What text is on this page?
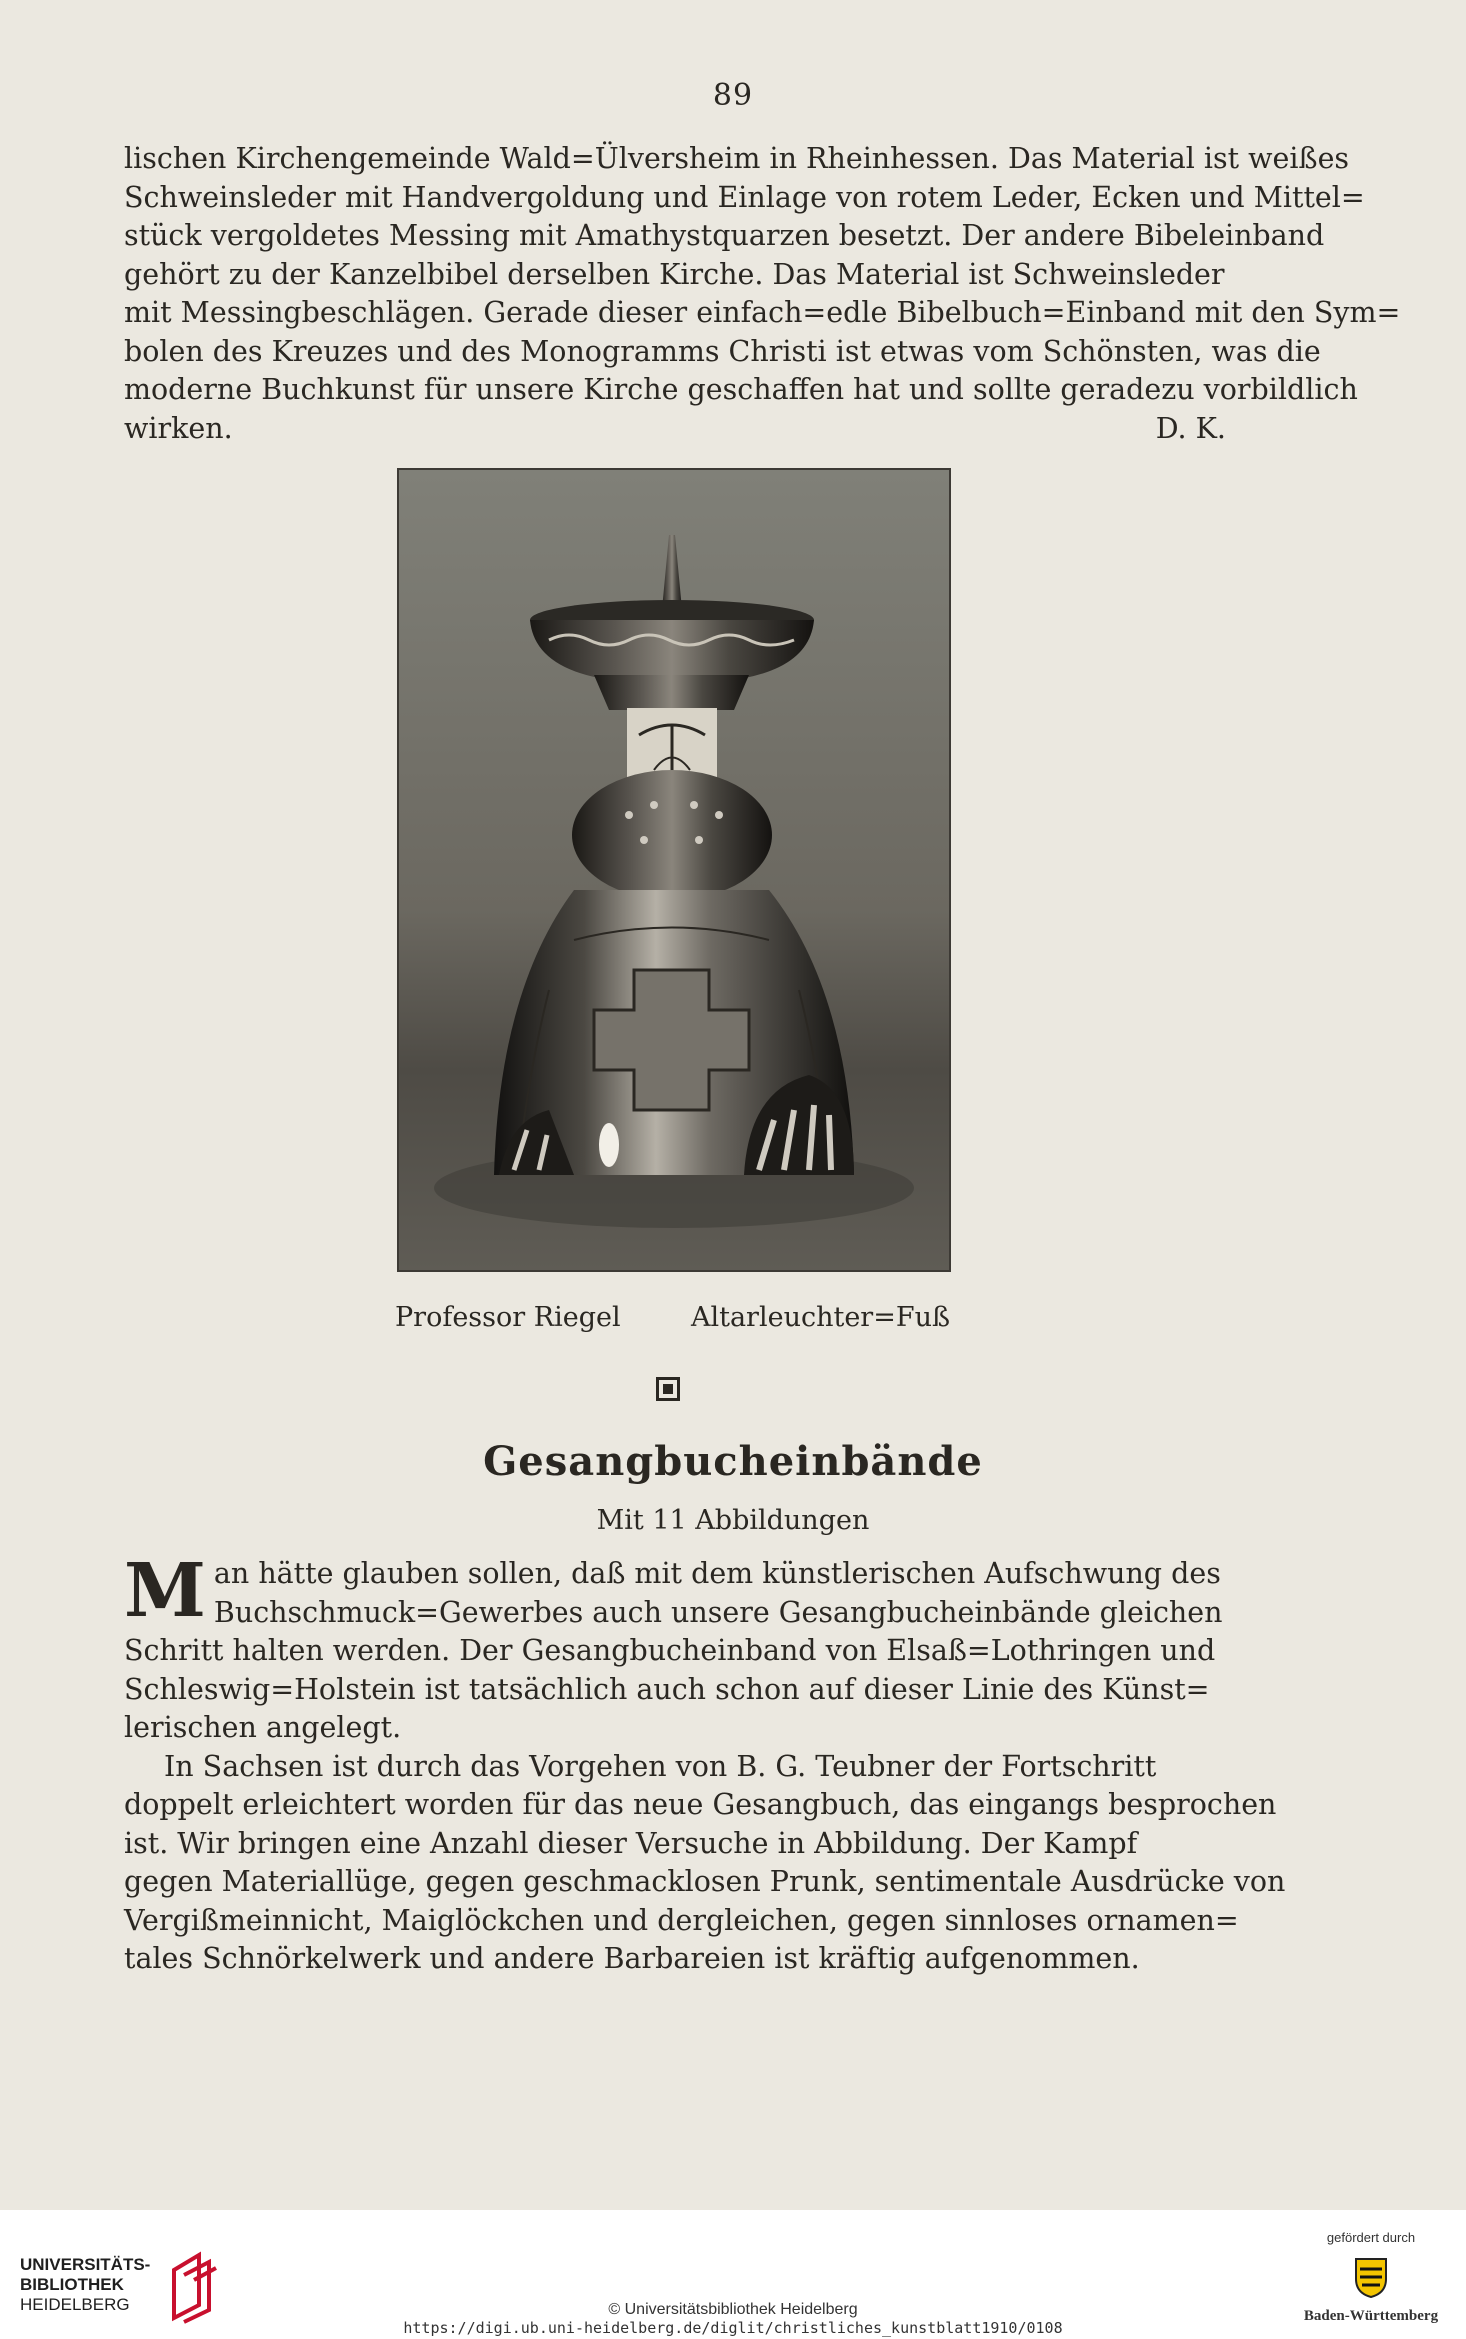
89
lischen Kirchengemeinde Wald=Ülversheim in Rheinhessen. Das Material ist weißes
Schweinsleder mit Handvergoldung und Einlage von rotem Leder, Ecken und Mittel=
stück vergoldetes Messing mit Amathystquarzen besetzt. Der andere Bibeleinband
gehört zu der Kanzelbibel derselben Kirche. Das Material ist Schweinsleder
mit Messingbeschlägen. Gerade dieser einfach=edle Bibelbuch=Einband mit den Sym=
bolen des Kreuzes und des Monogramms Christi ist etwas vom Schönsten, was die
moderne Buchkunst für unsere Kirche geschaffen hat und sollte geradezu vorbildlich
wirken.	D. K.
Professor Riegel	Altarleuchter=Fuß
Gesangbucheinbände
Mit 11 Abbildungen
M an hätte glauben sollen, daß mit dem künstlerischen Aufschwung des
Buchschmuck=Gewerbes auch unsere Gesangbucheinbände gleichen
Schritt halten werden. Der Gesangbucheinband von Elsaß=Lothringen und
Schleswig=Holstein ist tatsächlich auch schon auf dieser Linie des Künst=
lerischen angelegt.
In Sachsen ist durch das Vorgehen von B. G. Teubner der Fortschritt
doppelt erleichtert worden für das neue Gesangbuch, das eingangs besprochen
ist. Wir bringen eine Anzahl dieser Versuche in Abbildung. Der Kampf
gegen Materiallüge, gegen geschmacklosen Prunk, sentimentale Ausdrücke von
Vergißmeinnicht, Maiglöckchen und dergleichen, gegen sinnloses ornamen=
tales Schnörkelwerk und andere Barbareien ist kräftig aufgenommen.
UNIVERSITÄTS-
BIBLIOTHEK
HEIDELBERG	© Universitätsbibliothek Heidelberg
https://digi.ub.uni-heidelberg.de/diglit/christliches_kunstblatt1910/0108
gefördert durch
Baden-Württemberg
